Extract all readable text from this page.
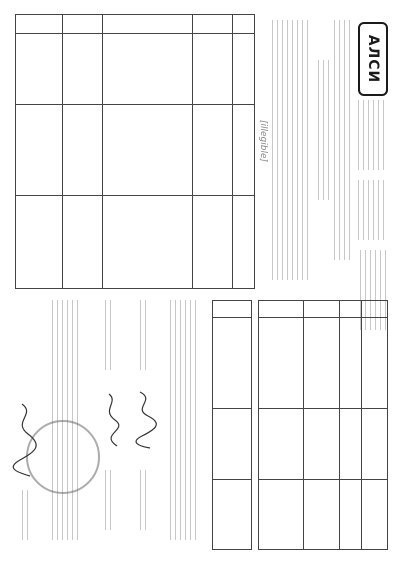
АЛСИ
[illegible]
